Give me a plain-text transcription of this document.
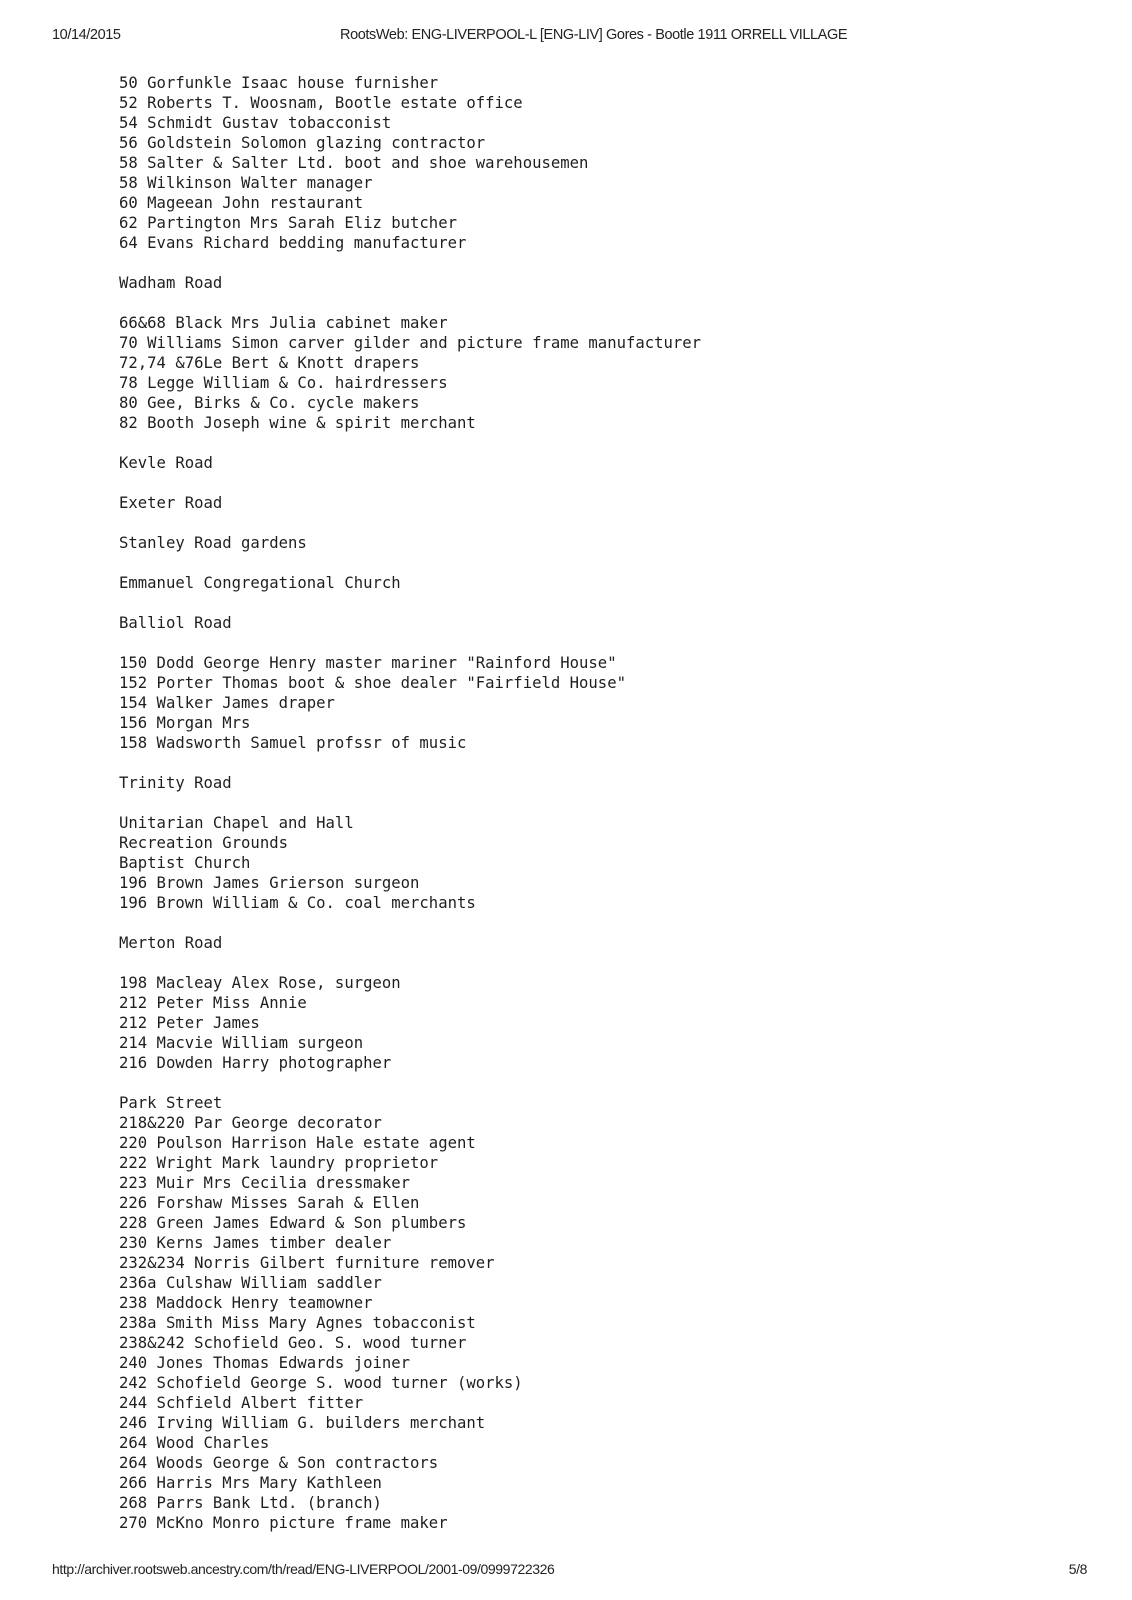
10/14/2015	RootsWeb: ENG-LIVERPOOL-L [ENG-LIV] Gores - Bootle 1911 ORRELL VILLAGE
50 Gorfunkle Isaac house furnisher
52 Roberts T. Woosnam, Bootle estate office
54 Schmidt Gustav tobacconist
56 Goldstein Solomon glazing contractor
58 Salter & Salter Ltd. boot and shoe warehousemen
58 Wilkinson Walter manager
60 Mageean John restaurant
62 Partington Mrs Sarah Eliz butcher
64 Evans Richard bedding manufacturer
Wadham Road
66&68 Black Mrs Julia cabinet maker
70 Williams Simon carver gilder and picture frame manufacturer
72,74 &76Le Bert & Knott drapers
78 Legge William & Co. hairdressers
80 Gee, Birks & Co. cycle makers
82 Booth Joseph wine & spirit merchant
Kevle Road
Exeter Road
Stanley Road gardens
Emmanuel Congregational Church
Balliol Road
150 Dodd George Henry master mariner "Rainford House"
152 Porter Thomas boot & shoe dealer "Fairfield House"
154 Walker James draper
156 Morgan Mrs
158 Wadsworth Samuel profssr of music
Trinity Road
Unitarian Chapel and Hall
Recreation Grounds
Baptist Church
196 Brown James Grierson surgeon
196 Brown William & Co. coal merchants
Merton Road
198 Macleay Alex Rose, surgeon
212 Peter Miss Annie
212 Peter James
214 Macvie William surgeon
216 Dowden Harry photographer
Park Street
218&220 Par George decorator
220 Poulson Harrison Hale estate agent
222 Wright Mark laundry proprietor
223 Muir Mrs Cecilia dressmaker
226 Forshaw Misses Sarah & Ellen
228 Green James Edward & Son plumbers
230 Kerns James timber dealer
232&234 Norris Gilbert furniture remover
236a Culshaw William saddler
238 Maddock Henry teamowner
238a Smith Miss Mary Agnes tobacconist
238&242 Schofield Geo. S. wood turner
240 Jones Thomas Edwards joiner
242 Schofield George S. wood turner (works)
244 Schfield Albert fitter
246 Irving William G. builders merchant
264 Wood Charles
264 Woods George & Son contractors
266 Harris Mrs Mary Kathleen
268 Parrs Bank Ltd. (branch)
270 McKno Monro picture frame maker
http://archiver.rootsweb.ancestry.com/th/read/ENG-LIVERPOOL/2001-09/0999722326	5/8
